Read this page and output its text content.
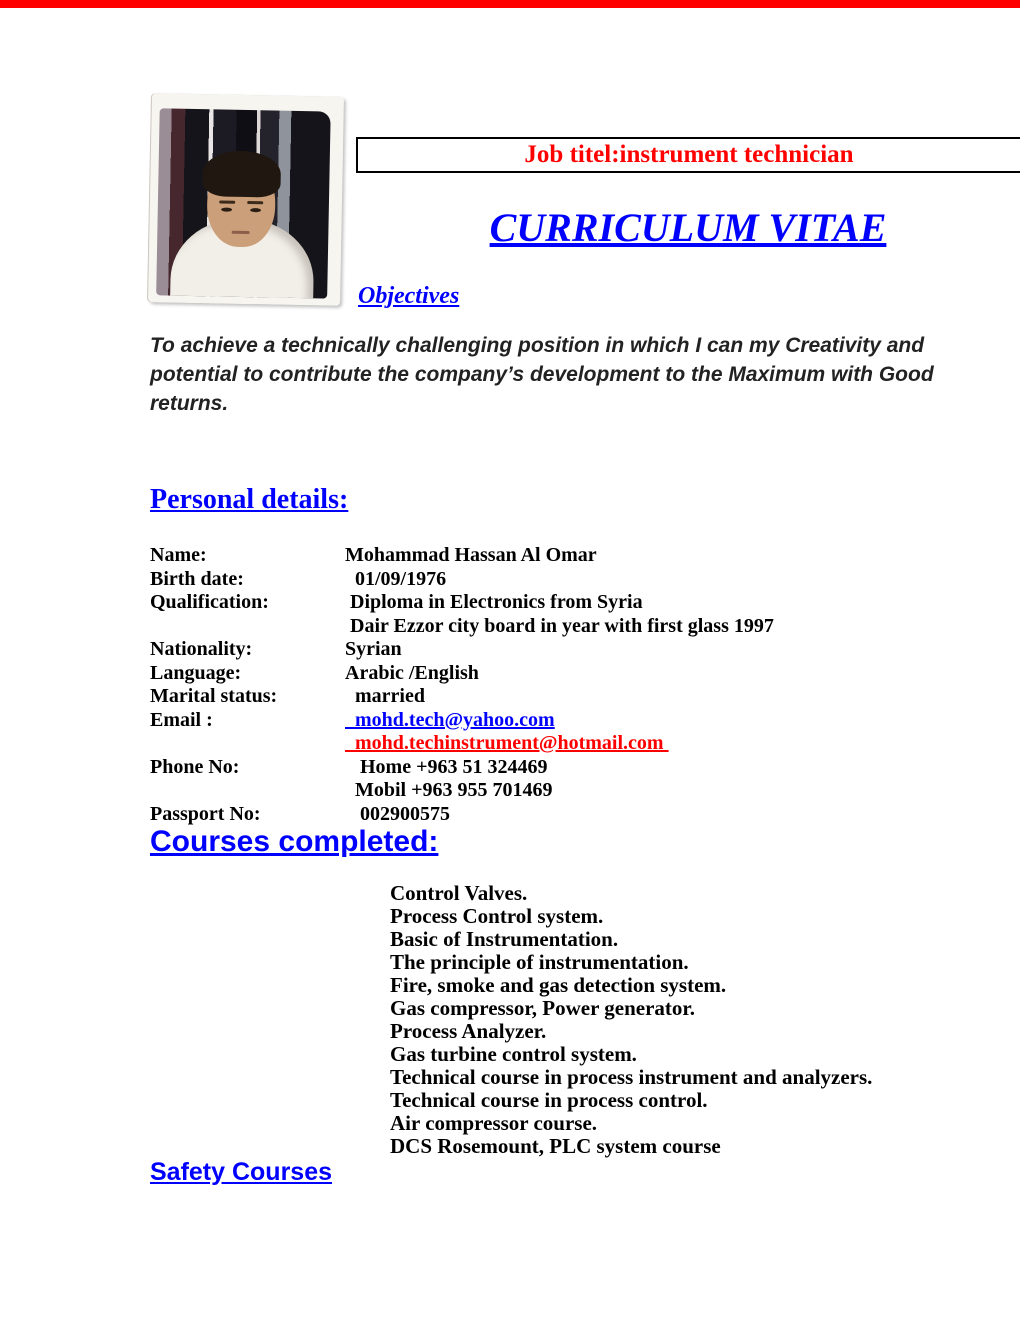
Job titel:instrument technician
CURRICULUM VITAE
Objectives
To achieve a technically challenging position in which I can my Creativity and
potential to contribute the company’s development to the Maximum with Good
returns.
Personal details:
Name:	Mohammad Hassan Al Omar
Birth date:	01/09/1976
Qualification:	Diploma in Electronics from Syria
Dair Ezzor city board in year with first glass 1997
Nationality:	Syrian
Language:	Arabic /English
Marital status:	married
Email :	mohd.tech@yahoo.com
mohd.techinstrument@hotmail.com
Phone No:	Home +963 51 324469
Mobil +963 955 701469
Passport No:	002900575
Courses completed:
Control Valves.
Process Control system.
Basic of Instrumentation.
The principle of instrumentation.
Fire, smoke and gas detection system.
Gas compressor, Power generator.
Process Analyzer.
Gas turbine control system.
Technical course in process instrument and analyzers.
Technical course in process control.
Air compressor course.
DCS Rosemount, PLC system course
Safety Courses
